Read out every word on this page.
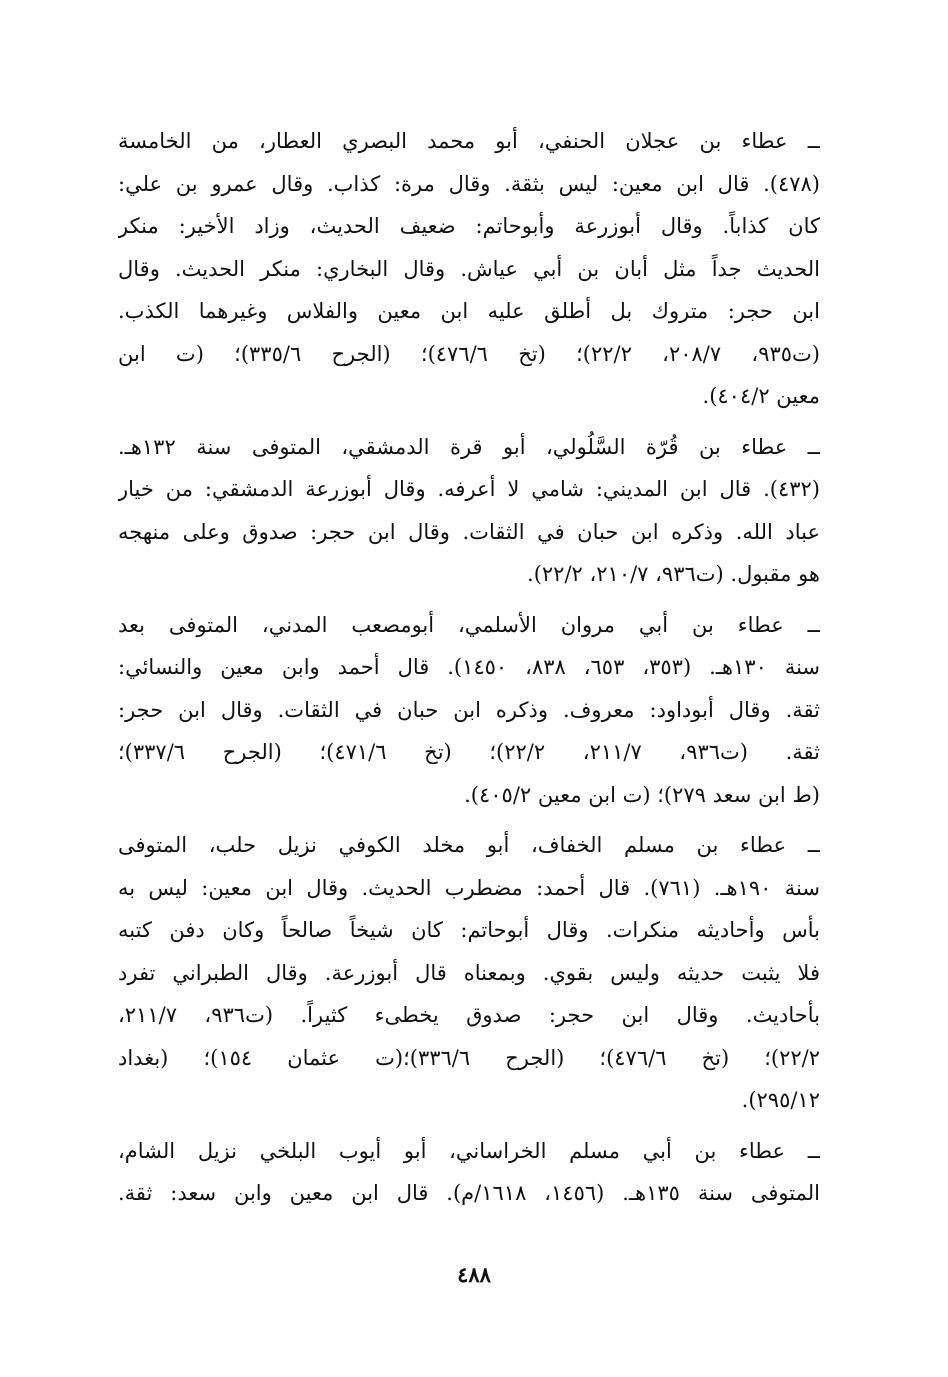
ــ عطاء بن عجلان الحنفي، أبو محمد البصري العطار، من الخامسة
(٤٧٨). قال ابن معين: ليس بثقة. وقال مرة: كذاب. وقال عمرو بن علي:
كان كذاباً. وقال أبوزرعة وأبوحاتم: ضعيف الحديث، وزاد الأخير: منكر
الحديث جداً مثل أبان بن أبي عياش. وقال البخاري: منكر الحديث. وقال
ابن حجر: متروك بل أطلق عليه ابن معين والفلاس وغيرهما الكذب.
(ت٩٣٥، ٢٠٨/٧، ٢٢/٢)؛ (تخ ٤٧٦/٦)؛ (الجرح ٣٣٥/٦)؛ (ت ابن
معين ٤٠٤/٢).
ــ عطاء بن قُرّة السَّلُولي، أبو قرة الدمشقي، المتوفى سنة ١٣٢هـ.
(٤٣٢). قال ابن المديني: شامي لا أعرفه. وقال أبوزرعة الدمشقي: من خيار
عباد الله. وذكره ابن حبان في الثقات. وقال ابن حجر: صدوق وعلى منهجه
هو مقبول. (ت٩٣٦، ٢١٠/٧، ٢٢/٢).
ــ عطاء بن أبي مروان الأسلمي، أبومصعب المدني، المتوفى بعد
سنة ١٣٠هـ. (٣٥٣، ٦٥٣، ٨٣٨، ١٤٥٠). قال أحمد وابن معين والنسائي:
ثقة. وقال أبوداود: معروف. وذكره ابن حبان في الثقات. وقال ابن حجر:
ثقة. (ت٩٣٦، ٢١١/٧، ٢٢/٢)؛ (تخ ٤٧١/٦)؛ (الجرح ٣٣٧/٦)؛
(ط ابن سعد ٢٧٩)؛ (ت ابن معين ٤٠٥/٢).
ــ عطاء بن مسلم الخفاف، أبو مخلد الكوفي نزيل حلب، المتوفى
سنة ١٩٠هـ. (٧٦١). قال أحمد: مضطرب الحديث. وقال ابن معين: ليس به
بأس وأحاديثه منكرات. وقال أبوحاتم: كان شيخاً صالحاً وكان دفن كتبه
فلا يثبت حديثه وليس بقوي. وبمعناه قال أبوزرعة. وقال الطبراني تفرد
بأحاديث. وقال ابن حجر: صدوق يخطىء كثيراً. (ت٩٣٦، ٢١١/٧،
٢٢/٢)؛ (تخ ٤٧٦/٦)؛ (الجرح ٣٣٦/٦)؛(ت عثمان ١٥٤)؛ (بغداد
٢٩٥/١٢).
ــ عطاء بن أبي مسلم الخراساني، أبو أيوب البلخي نزيل الشام،
المتوفى سنة ١٣٥هـ. (١٤٥٦، ١٦١٨/م). قال ابن معين وابن سعد: ثقة.
٤٨٨
